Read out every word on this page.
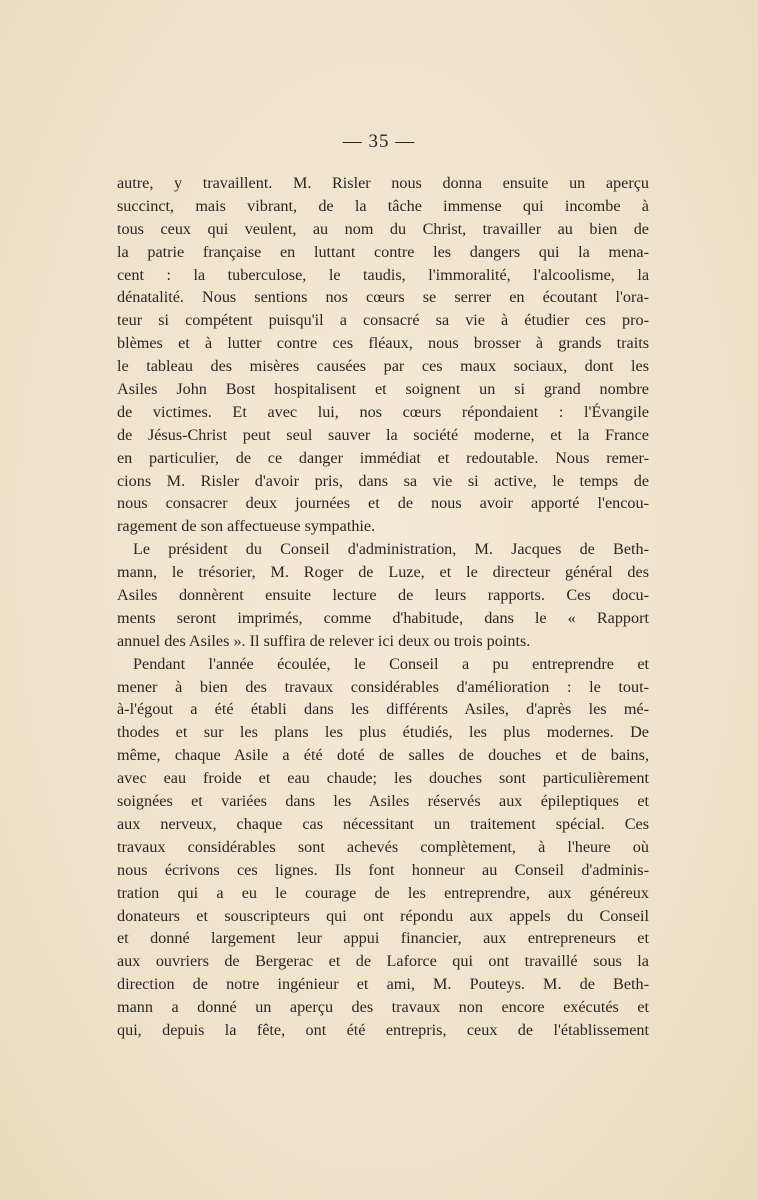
— 35 —
autre, y travaillent. M. Risler nous donna ensuite un aperçu
succinct, mais vibrant, de la tâche immense qui incombe à
tous ceux qui veulent, au nom du Christ, travailler au bien de
la patrie française en luttant contre les dangers qui la mena-
cent : la tuberculose, le taudis, l'immoralité, l'alcoolisme, la
dénatalité. Nous sentions nos cœurs se serrer en écoutant l'ora-
teur si compétent puisqu'il a consacré sa vie à étudier ces pro-
blèmes et à lutter contre ces fléaux, nous brosser à grands traits
le tableau des misères causées par ces maux sociaux, dont les
Asiles John Bost hospitalisent et soignent un si grand nombre
de victimes. Et avec lui, nos cœurs répondaient : l'Évangile
de Jésus-Christ peut seul sauver la société moderne, et la France
en particulier, de ce danger immédiat et redoutable. Nous remer-
cions M. Risler d'avoir pris, dans sa vie si active, le temps de
nous consacrer deux journées et de nous avoir apporté l'encou-
ragement de son affectueuse sympathie.
Le président du Conseil d'administration, M. Jacques de Beth-
mann, le trésorier, M. Roger de Luze, et le directeur général des
Asiles donnèrent ensuite lecture de leurs rapports. Ces docu-
ments seront imprimés, comme d'habitude, dans le « Rapport
annuel des Asiles ». Il suffira de relever ici deux ou trois points.
Pendant l'année écoulée, le Conseil a pu entreprendre et
mener à bien des travaux considérables d'amélioration : le tout-
à-l'égout a été établi dans les différents Asiles, d'après les mé-
thodes et sur les plans les plus étudiés, les plus modernes. De
même, chaque Asile a été doté de salles de douches et de bains,
avec eau froide et eau chaude; les douches sont particulièrement
soignées et variées dans les Asiles réservés aux épileptiques et
aux nerveux, chaque cas nécessitant un traitement spécial. Ces
travaux considérables sont achevés complètement, à l'heure où
nous écrivons ces lignes. Ils font honneur au Conseil d'adminis-
tration qui a eu le courage de les entreprendre, aux généreux
donateurs et souscripteurs qui ont répondu aux appels du Conseil
et donné largement leur appui financier, aux entrepreneurs et
aux ouvriers de Bergerac et de Laforce qui ont travaillé sous la
direction de notre ingénieur et ami, M. Pouteys. M. de Beth-
mann a donné un aperçu des travaux non encore exécutés et
qui, depuis la fête, ont été entrepris, ceux de l'établissement
